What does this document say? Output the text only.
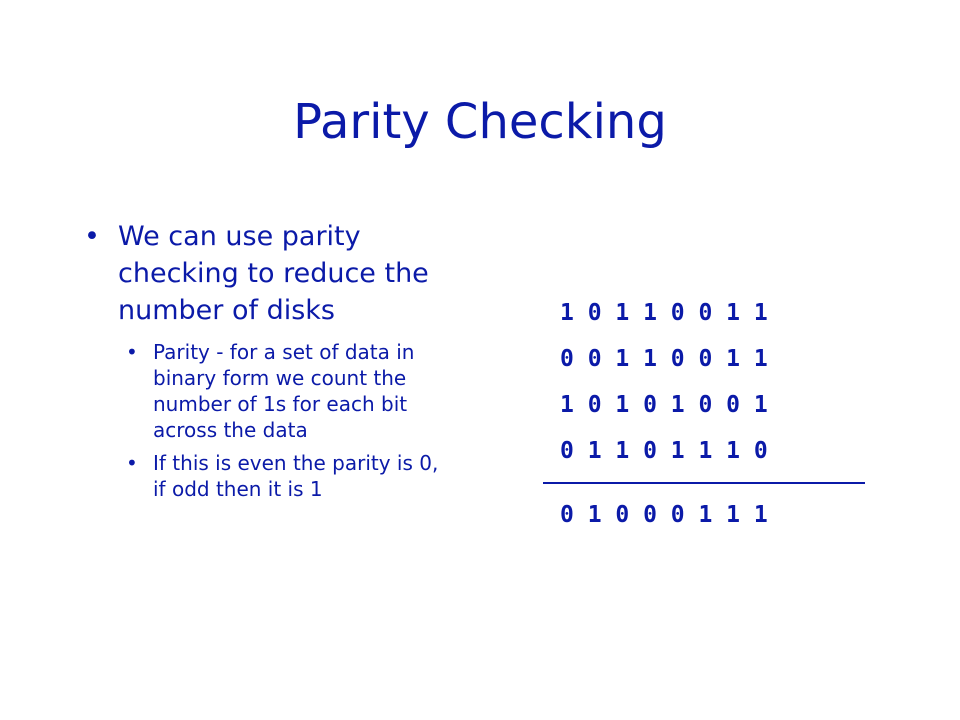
Parity Checking
• We can use parity checking to reduce the number of disks
• Parity - for a set of data in binary form we count the number of 1s for each bit across the data
• If this is even the parity is 0, if odd then it is 1
1 0 1 1 0 0 1 1
0 0 1 1 0 0 1 1
1 0 1 0 1 0 0 1
0 1 1 0 1 1 1 0
0 1 0 0 0 1 1 1
